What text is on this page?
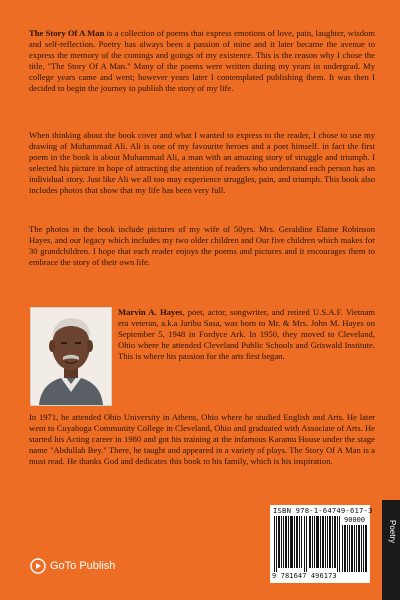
The Story Of A Man is a collection of poems that express emotions of love, pain, laughter, wisdom and self-reflection. Poetry has always been a passion of mine and it later became the avenue to express the memory of the comings and goings of my existence. This is the reason why I chose the title, "The Story Of A Man." Many of the poems were written during my years in undergrad. My college years came and went; however years later I contemplated publishing them. It was then I decided to begin the journey to publish the story of my life.

When thinking about the book cover and what I wanted to express to the reader, I chose to use my drawing of Muhammad Ali. Ali is one of my favourite heroes and a poet himself. in fact the first poem in the book is about Muhammad Ali, a man with an amazing story of struggle and triumph. I selected his picture in hope of attracting the attention of readers who understand each person has an individual story. Just like Ali we all too may experience struggles, pain, and triumph. This book also includes photos that show that my life has been very full.

The photos in the book include pictures of my wife of 50yrs. Mrs. Geraldine Elaine Robinson Hayes, and our legacy which includes my two older children and Our five children which makes for 30 grandchildren. I hope that each reader enjoys the poems and pictures and it encourages them to embrace the story of their own life.

Marvin A. Hayes, poet, actor, songwriter, and retired U.S.A.F. Vietnam era veteran, a.k.a Jaribu Sasa, was born to Mr. & Mrs. John M. Hayes on September 5, 1948 in Fordyce Ark. In 1950, they moved to Cleveland, Ohio where he attended Cleveland Public Schools and Griswald Institute. This is where his passion for the arts first began.

In 1971, he attended Ohio University in Athens, Ohio where he studied English and Arts. He later went to Cuyahoga Community College in Cleveland, Ohio and graduated with Associate of Arts. He started his Acting career in 1980 and got his training at the infamous Karamu House under the stage name "Abdullah Bey." There, he taught and appeared in a variety of plays. The Story Of A Man is a must read. He thanks God and dedicates this book to his family, which is his inspiration.

GoTo Publish
ISBN 978-1-64749-617-3
90000
9 781647 496173
Poetry
